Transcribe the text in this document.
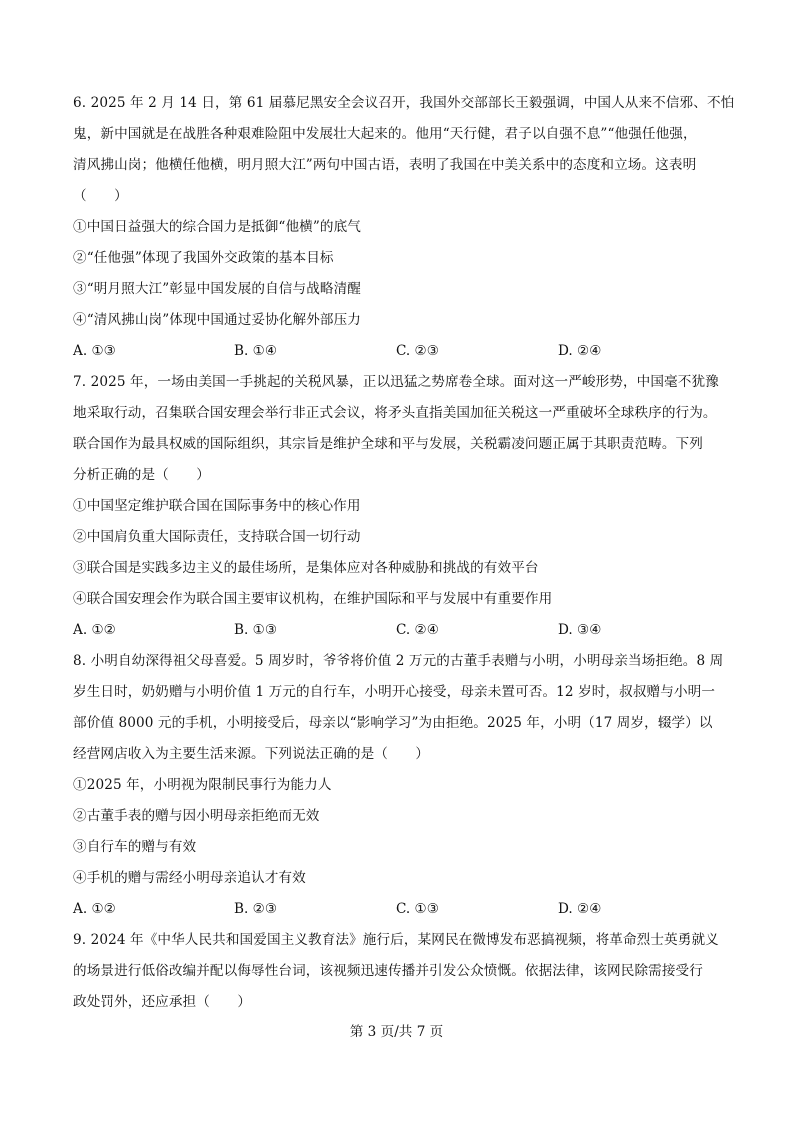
6. 2025 年 2 月 14 日，第 61 届慕尼黑安全会议召开，我国外交部部长王毅强调，中国人从来不信邪、不怕
鬼，新中国就是在战胜各种艰难险阻中发展壮大起来的。他用“天行健，君子以自强不息”“他强任他强，
清风拂山岗；他横任他横，明月照大江”两句中国古语，表明了我国在中美关系中的态度和立场。这表明
（　　）
①中国日益强大的综合国力是抵御“他横”的底气
②“任他强”体现了我国外交政策的基本目标
③“明月照大江”彰显中国发展的自信与战略清醒
④“清风拂山岗”体现中国通过妥协化解外部压力
A. ①③	B. ①④	C. ②③	D. ②④
7. 2025 年，一场由美国一手挑起的关税风暴，正以迅猛之势席卷全球。面对这一严峻形势，中国毫不犹豫
地采取行动，召集联合国安理会举行非正式会议，将矛头直指美国加征关税这一严重破坏全球秩序的行为。
联合国作为最具权威的国际组织，其宗旨是维护全球和平与发展，关税霸凌问题正属于其职责范畴。下列
分析正确的是（　　）
①中国坚定维护联合国在国际事务中的核心作用
②中国肩负重大国际责任，支持联合国一切行动
③联合国是实践多边主义的最佳场所，是集体应对各种威胁和挑战的有效平台
④联合国安理会作为联合国主要审议机构，在维护国际和平与发展中有重要作用
A. ①②	B. ①③	C. ②④	D. ③④
8. 小明自幼深得祖父母喜爱。5 周岁时，爷爷将价值 2 万元的古董手表赠与小明，小明母亲当场拒绝。8 周
岁生日时，奶奶赠与小明价值 1 万元的自行车，小明开心接受，母亲未置可否。12 岁时，叔叔赠与小明一
部价值 8000 元的手机，小明接受后，母亲以“影响学习”为由拒绝。2025 年，小明（17 周岁，辍学）以
经营网店收入为主要生活来源。下列说法正确的是（　　）
①2025 年，小明视为限制民事行为能力人
②古董手表的赠与因小明母亲拒绝而无效
③自行车的赠与有效
④手机的赠与需经小明母亲追认才有效
A. ①②	B. ②③	C. ①③	D. ②④
9. 2024 年《中华人民共和国爱国主义教育法》施行后，某网民在微博发布恶搞视频，将革命烈士英勇就义
的场景进行低俗改编并配以侮辱性台词，该视频迅速传播并引发公众愤慨。依据法律，该网民除需接受行
政处罚外，还应承担（　　）
第 3 页/共 7 页
